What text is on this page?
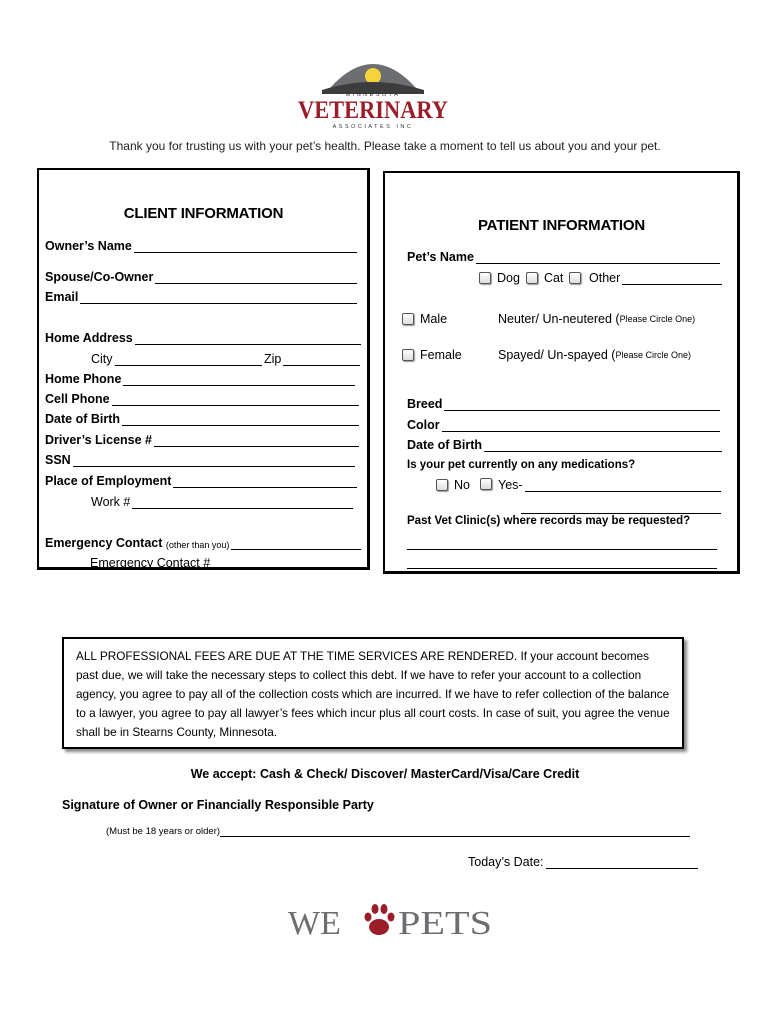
MINNESOTA
VETERINARY
ASSOCIATES INC
Thank you for trusting us with your pet’s health. Please take a moment to tell us about you and your pet.
CLIENT INFORMATION
Owner’s Name
Spouse/Co-Owner
Email
Home Address
City	Zip
Home Phone
Cell Phone
Date of Birth
Driver’s License #
SSN
Place of Employment
Work #
Emergency Contact
(other than you)
Emergency Contact #
PATIENT INFORMATION
Pet’s Name
Dog Cat Other
Male	Neuter/ Un-neutered ( Please Circle One)
Female	Spayed/ Un-spayed ( Please Circle One)
Breed
Color
Date of Birth
Is your pet currently on any medications?
No Yes-
Past Vet Clinic(s) where records may be requested?
ALL PROFESSIONAL FEES ARE DUE AT THE TIME SERVICES ARE RENDERED. If your account becomes past due, we will take the necessary steps to collect this debt. If we have to refer your account to a collection agency, you agree to pay all of the collection costs which are incurred. If we have to refer collection of the balance to a lawyer, you agree to pay all lawyer’s fees which incur plus all court costs. In case of suit, you agree the venue shall be in Stearns County, Minnesota.
We accept: Cash & Check/ Discover/ MasterCard/Visa/Care Credit
Signature of Owner or Financially Responsible Party
(Must be 18 years or older)
Today’s Date:
WE PETS
